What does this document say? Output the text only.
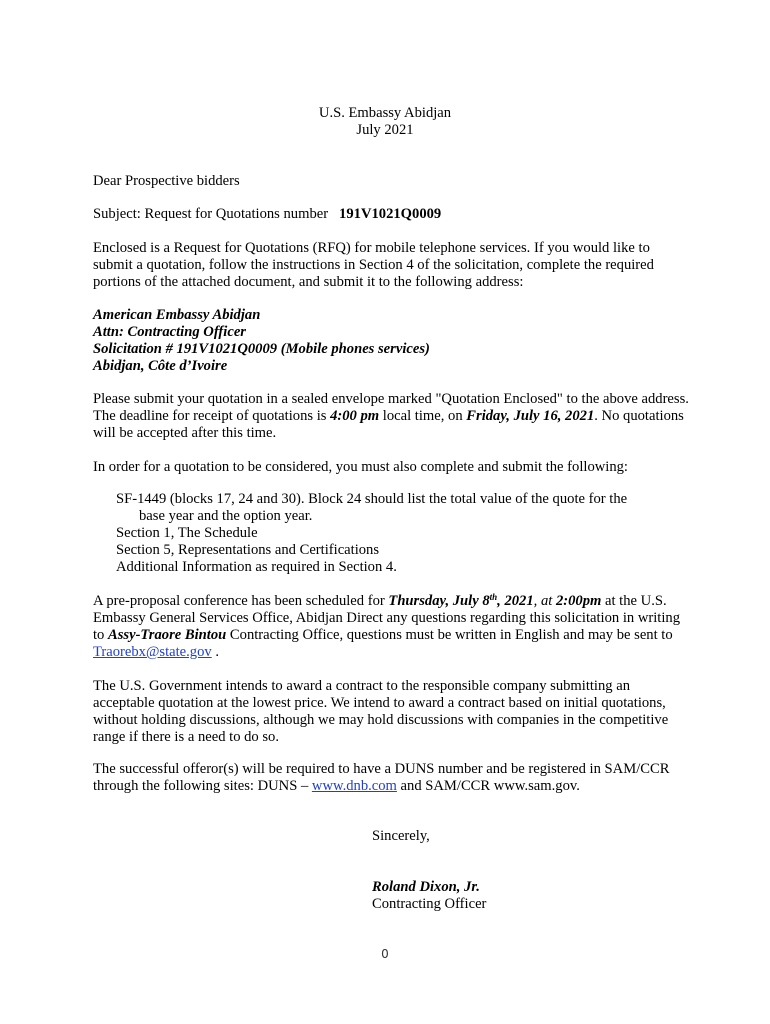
U.S. Embassy Abidjan
July 2021

Dear Prospective bidders

Subject: Request for Quotations number 191V1021Q0009

Enclosed is a Request for Quotations (RFQ) for mobile telephone services. If you would like to submit a quotation, follow the instructions in Section 4 of the solicitation, complete the required portions of the attached document, and submit it to the following address:

American Embassy Abidjan

Attn: Contracting Officer

Solicitation # 191V1021Q0009 (Mobile phones services)

Abidjan, Côte d’Ivoire

Please submit your quotation in a sealed envelope marked "Quotation Enclosed" to the above address. The deadline for receipt of quotations is 4:00 pm local time, on Friday, July 16, 2021. No quotations will be accepted after this time.

In order for a quotation to be considered, you must also complete and submit the following:

SF-1449 (blocks 17, 24 and 30). Block 24 should list the total value of the quote for the
base year and the option year.
Section 1, The Schedule
Section 5, Representations and Certifications
Additional Information as required in Section 4.

A pre-proposal conference has been scheduled for Thursday, July 8th, 2021, at 2:00pm at the U.S. Embassy General Services Office, Abidjan Direct any questions regarding this solicitation in writing to Assy-Traore Bintou Contracting Office, questions must be written in English and may be sent to Traorebx@state.gov .

The U.S. Government intends to award a contract to the responsible company submitting an acceptable quotation at the lowest price. We intend to award a contract based on initial quotations, without holding discussions, although we may hold discussions with companies in the competitive range if there is a need to do so.

The successful offeror(s) will be required to have a DUNS number and be registered in SAM/CCR through the following sites: DUNS – www.dnb.com and SAM/CCR www.sam.gov.

Sincerely,
Roland Dixon, Jr.
Contracting Officer
0
